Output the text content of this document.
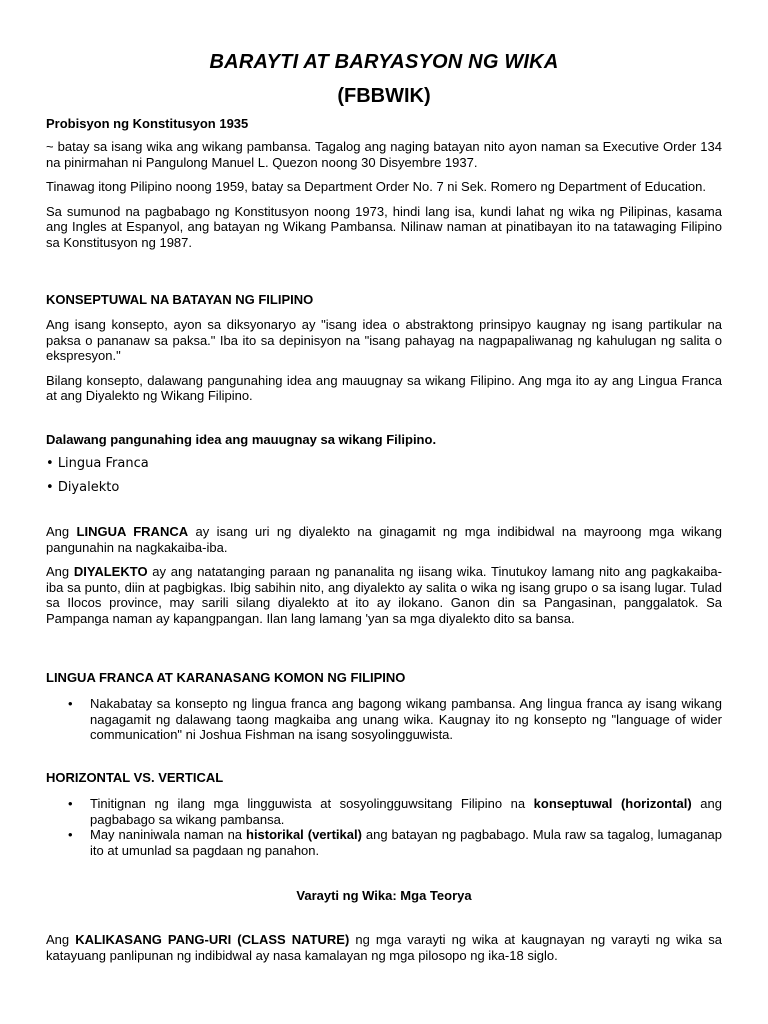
BARAYTI AT BARYASYON NG WIKA
(FBBWIK)
Probisyon ng Konstitusyon 1935

~ batay sa isang wika ang wikang pambansa. Tagalog ang naging batayan nito ayon naman sa Executive Order 134 na pinirmahan ni Pangulong Manuel L. Quezon noong 30 Disyembre 1937.

Tinawag itong Pilipino noong 1959, batay sa Department Order No. 7 ni Sek. Romero ng Department of Education.

Sa sumunod na pagbabago ng Konstitusyon noong 1973, hindi lang isa, kundi lahat ng wika ng Pilipinas, kasama ang Ingles at Espanyol, ang batayan ng Wikang Pambansa. Nilinaw naman at pinatibayan ito na tatawaging Filipino sa Konstitusyon ng 1987.

KONSEPTUWAL NA BATAYAN NG FILIPINO

Ang isang konsepto, ayon sa diksyonaryo ay "isang idea o abstraktong prinsipyo kaugnay ng isang partikular na paksa o pananaw sa paksa." Iba ito sa depinisyon na "isang pahayag na nagpapaliwanag ng kahulugan ng salita o ekspresyon."

Bilang konsepto, dalawang pangunahing idea ang mauugnay sa wikang Filipino. Ang mga ito ay ang Lingua Franca at ang Diyalekto ng Wikang Filipino.

Dalawang pangunahing idea ang mauugnay sa wikang Filipino.
• Lingua Franca
• Diyalekto

Ang LINGUA FRANCA ay isang uri ng diyalekto na ginagamit ng mga indibidwal na mayroong mga wikang pangunahin na nagkakaiba-iba.

Ang DIYALEKTO ay ang natatanging paraan ng pananalita ng iisang wika. Tinutukoy lamang nito ang pagkakaiba-iba sa punto, diin at pagbigkas. Ibig sabihin nito, ang diyalekto ay salita o wika ng isang grupo o sa isang lugar. Tulad sa Ilocos province, may sarili silang diyalekto at ito ay ilokano. Ganon din sa Pangasinan, panggalatok. Sa Pampanga naman ay kapangpangan. Ilan lang lamang 'yan sa mga diyalekto dito sa bansa.

LINGUA FRANCA AT KARANASANG KOMON NG FILIPINO
• Nakabatay sa konsepto ng lingua franca ang bagong wikang pambansa. Ang lingua franca ay isang wikang nagagamit ng dalawang taong magkaiba ang unang wika. Kaugnay ito ng konsepto ng "language of wider communication" ni Joshua Fishman na isang sosyolingguwista.
HORIZONTAL VS. VERTICAL
• Tinitignan ng ilang mga lingguwista at sosyolingguwsitang Filipino na konseptuwal (horizontal) ang pagbabago sa wikang pambansa.
• May naniniwala naman na historikal (vertikal) ang batayan ng pagbabago. Mula raw sa tagalog, lumaganap ito at umunlad sa pagdaan ng panahon.
Varayti ng Wika: Mga Teorya

Ang KALIKASANG PANG-URI (CLASS NATURE) ng mga varayti ng wika at kaugnayan ng varayti ng wika sa katayuang panlipunan ng indibidwal ay nasa kamalayan ng mga pilosopo ng ika-18 siglo.
